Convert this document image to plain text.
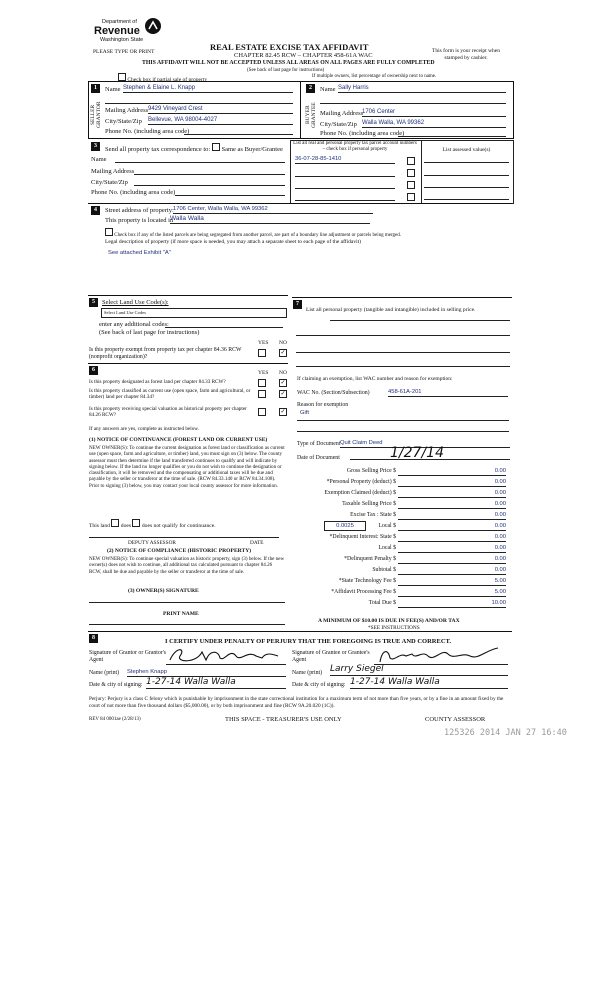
Department of
Revenue
Washington State
PLEASE TYPE OR PRINT	REAL ESTATE EXCISE TAX AFFIDAVIT
CHAPTER 82.45 RCW – CHAPTER 458-61A WAC
THIS AFFIDAVIT WILL NOT BE ACCEPTED UNLESS ALL AREAS ON ALL PAGES ARE FULLY COMPLETED
(See back of last page for instructions)
This form is your receipt when stamped by cashier.
Check box if partial sale of property
If multiple owners, list percentage of ownership next to name.
1
SELLER GRANTOR
Name Stephen & Elaine L. Knapp
Mailing Address 9429 Vineyard Crest
City/State/Zip Bellevue, WA 98004-4027
Phone No. (including area code)
2
BUYER GRANTEE
Name Sally Harris
Mailing Address
1706 Center
City/State/Zip Walla Walla, WA 99362
Phone No. (including area code)
3	Send all property tax correspondence to: Same as Buyer/Grantee
Name
Mailing Address
City/State/Zip
Phone No. (including area code)
List all real and personal property tax parcel account numbers – check box if personal property
36-07-28-85-1410
List assessed value(s)
4	Street address of property: 1706 Center, Walla Walla, WA 99362
This property is located in
Walla Walla
Check box if any of the listed parcels are being segregated from another parcel, are part of a boundary line adjustment or parcels being merged.
Legal description of property (if more space is needed, you may attach a separate sheet to each page of the affidavit)
See attached Exhibit "A"
5	Select Land Use Code(s):
Select Land Use Codes
enter any additional codes:
(See back of last page for instructions)
YES NO
Is this property exempt from property tax per chapter 84.36 RCW (nonprofit organization)?
✓
6	YES NO
Is this property designated as forest land per chapter 84.33 RCW?
✓
Is this property classified as current use (open space, farm and agricultural, or timber) land per chapter 84.34?
✓
Is this property receiving special valuation as historical property per chapter 84.26 RCW?
✓
If any answers are yes, complete as instructed below.
(1) NOTICE OF CONTINUANCE (FOREST LAND OR CURRENT USE)
NEW OWNER(S): To continue the current designation as forest land or classification as current use (open space, farm and agriculture, or timber) land, you must sign on (3) below. The county assessor must then determine if the land transferred continues to qualify and will indicate by signing below. If the land no longer qualifies or you do not wish to continue the designation or classification, it will be removed and the compensating or additional taxes will be due and payable by the seller or transferor at the time of sale. (RCW 84.33.140 or RCW 84.34.108). Prior to signing (3) below, you may contact your local county assessor for more information.
This land does does not qualify for continuance.
DEPUTY ASSESSOR	DATE
(2) NOTICE OF COMPLIANCE (HISTORIC PROPERTY)
NEW OWNER(S): To continue special valuation as historic property, sign (3) below. If the new owner(s) does not wish to continue, all additional tax calculated pursuant to chapter 84.26 RCW, shall be due and payable by the seller or transferor at the time of sale.
(3) OWNER(S) SIGNATURE
PRINT NAME
7
List all personal property (tangible and intangible) included in selling price.
If claiming an exemption, list WAC number and reason for exemption:
WAC No. (Section/Subsection)	458-61A-201
Reason for exemption
Gift
Type of Document Quit Claim Deed
Date of Document	1/27/14
Gross Selling Price $	0.00
*Personal Property (deduct) $	0.00
Exemption Claimed (deduct) $	0.00
Taxable Selling Price $	0.00
Excise Tax : State $	0.00
0.0025	Local $	0.00
*Delinquent Interest: State $	0.00
Local $	0.00
*Delinquent Penalty $	0.00
Subtotal $	0.00
*State Technology Fee $	5.00
*Affidavit Processing Fee $	5.00
Total Due $	10.00
A MINIMUM OF $10.00 IS DUE IN FEE(S) AND/OR TAX
*SEE INSTRUCTIONS
8	I CERTIFY UNDER PENALTY OF PERJURY THAT THE FOREGOING IS TRUE AND CORRECT.
Signature of Grantor or Grantor's Agent
Name (print) Stephen Knapp
Date & city of signing: 1-27-14 Walla Walla
Signature of Grantee or Grantee's Agent
Name (print) Larry Siegel
Date & city of signing: 1-27-14 Walla Walla
Perjury: Perjury is a class C felony which is punishable by imprisonment in the state correctional institution for a maximum term of not more than five years, or by a fine in an amount fixed by the court of not more than five thousand dollars ($5,000.00), or by both imprisonment and fine (RCW 9A.20.020 (1C)).
REV 84 0001ae (2/28/13)	THIS SPACE - TREASURER'S USE ONLY	COUNTY ASSESSOR
125326 2014 JAN 27 16:40
